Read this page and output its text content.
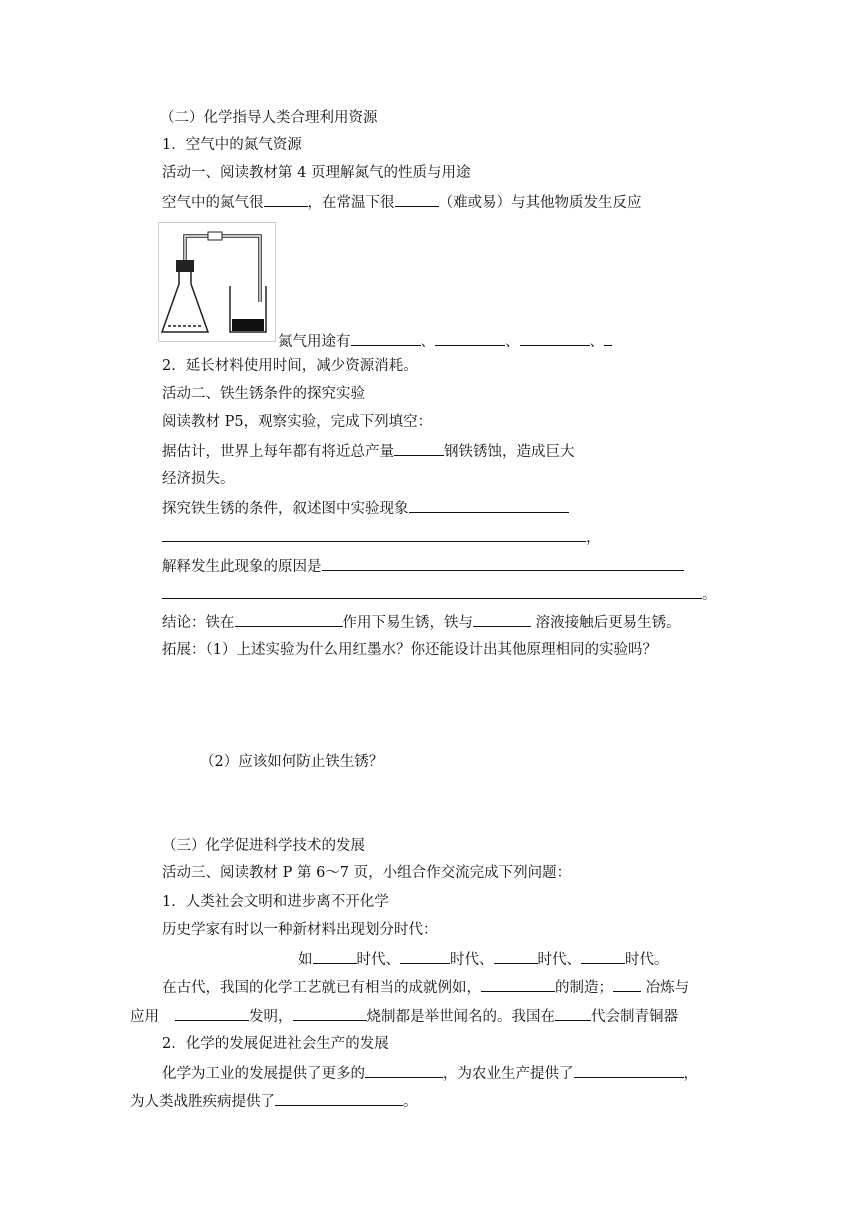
（二）化学指导人类合理利用资源
1．空气中的氮气资源
活动一、阅读教材第 4 页理解氮气的性质与用途
空气中的氮气很	，在常温下很	（难或易）与其他物质发生反应
氮气用途有	、	、	、
2．延长材料使用时间，减少资源消耗。
活动二、铁生锈条件的探究实验
阅读教材 P5，观察实验，完成下列填空：
据估计，世界上每年都有将近总产量	钢铁锈蚀，造成巨大
经济损失。
探究铁生锈的条件，叙述图中实验现象
，
解释发生此现象的原因是
。
结论：铁在	作用下易生锈，铁与	溶液接触后更易生锈。
拓展：（1）上述实验为什么用红墨水？你还能设计出其他原理相同的实验吗？
（2）应该如何防止铁生锈？
（三）化学促进科学技术的发展
活动三、阅读教材 P 第 6～7 页，小组合作交流完成下列问题：
1．人类社会文明和进步离不开化学
历史学家有时以一种新材料出现划分时代：
如	时代、	时代、	时代、	时代。
在古代，我国的化学工艺就已有相当的成就例如，	的制造； 冶炼与
应用	发明，	烧制都是举世闻名的。我国在 代会制青铜器
2．化学的发展促进社会生产的发展
化学为工业的发展提供了更多的	，为农业生产提供了	，
为人类战胜疾病提供了	。
